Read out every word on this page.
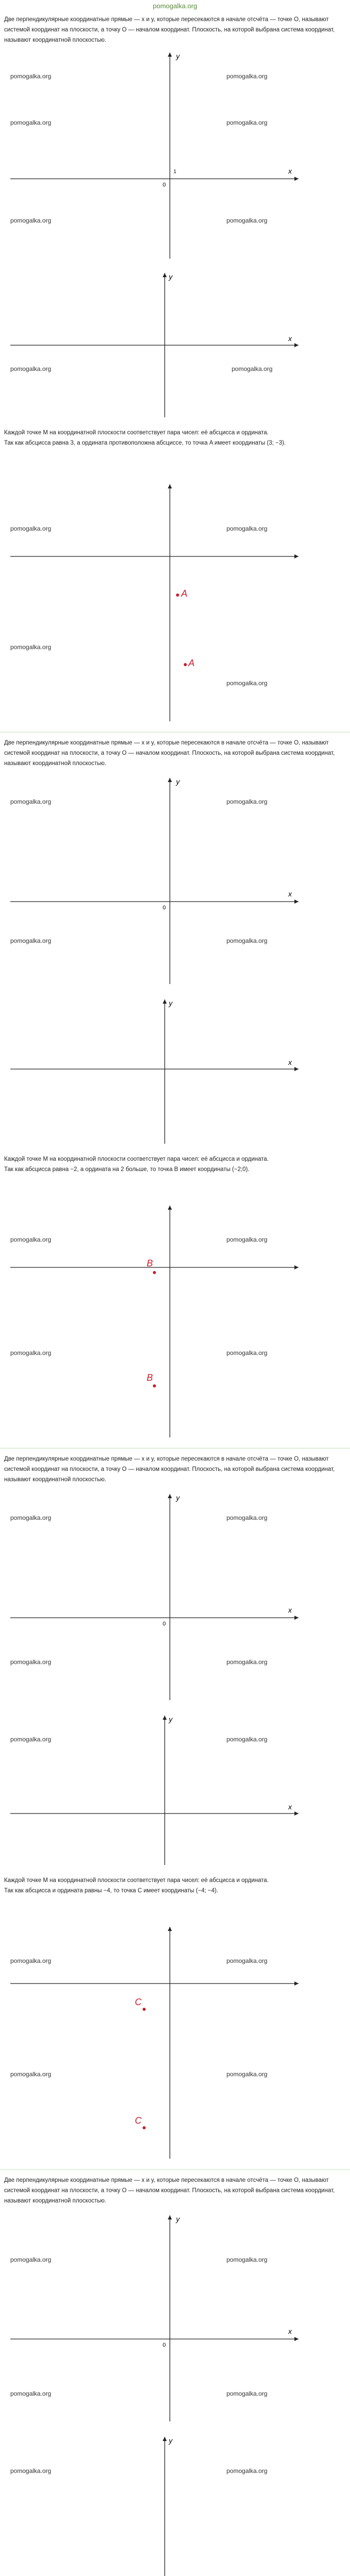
pomogalka.org

Две перпендикулярные координатные прямые — x и y, которые пересекаются в начале отсчёта — точке O, называют системой координат на плоскости, а точку O — началом координат. Плоскость, на которой выбрана система координат, называют координатной плоскостью.

x
y
0
1
pomogalka.org	pomogalka.org
pomogalka.org	pomogalka.org
pomogalka.org	pomogalka.org
x
y
pomogalka.org	pomogalka.org

Каждой точке M на координатной плоскости соответствует пара чисел: её абсцисса и ордината.

Так как абсцисса равна 3, а ордината противоположна абсциссе, то точка A имеет координаты (3; −3).

A
A
pomogalka.org	pomogalka.org
pomogalka.org
pomogalka.org

Две перпендикулярные координатные прямые — x и y, которые пересекаются в начале отсчёта — точке O, называют системой координат на плоскости, а точку O — началом координат. Плоскость, на которой выбрана система координат, называют координатной плоскостью.

x
y
0
pomogalka.org	pomogalka.org
pomogalka.org	pomogalka.org
x
y

Каждой точке M на координатной плоскости соответствует пара чисел: её абсцисса и ордината.

Так как абсцисса равна −2, а ордината на 2 больше, то точка B имеет координаты (−2;0).

B
B
pomogalka.org	pomogalka.org
pomogalka.org	pomogalka.org

Две перпендикулярные координатные прямые — x и y, которые пересекаются в начале отсчёта — точке O, называют системой координат на плоскости, а точку O — началом координат. Плоскость, на которой выбрана система координат, называют координатной плоскостью.

x
y
0
pomogalka.org	pomogalka.org
pomogalka.org	pomogalka.org
x
y
pomogalka.org	pomogalka.org

Каждой точке M на координатной плоскости соответствует пара чисел: её абсцисса и ордината.

Так как абсцисса и ордината равны −4, то точка C имеет координаты (−4; −4).

C
C
pomogalka.org	pomogalka.org
pomogalka.org	pomogalka.org

Две перпендикулярные координатные прямые — x и y, которые пересекаются в начале отсчёта — точке O, называют системой координат на плоскости, а точку O — началом координат. Плоскость, на которой выбрана система координат, называют координатной плоскостью.

x
y
0
pomogalka.org	pomogalka.org
pomogalka.org	pomogalka.org
y
pomogalka.org	pomogalka.org
